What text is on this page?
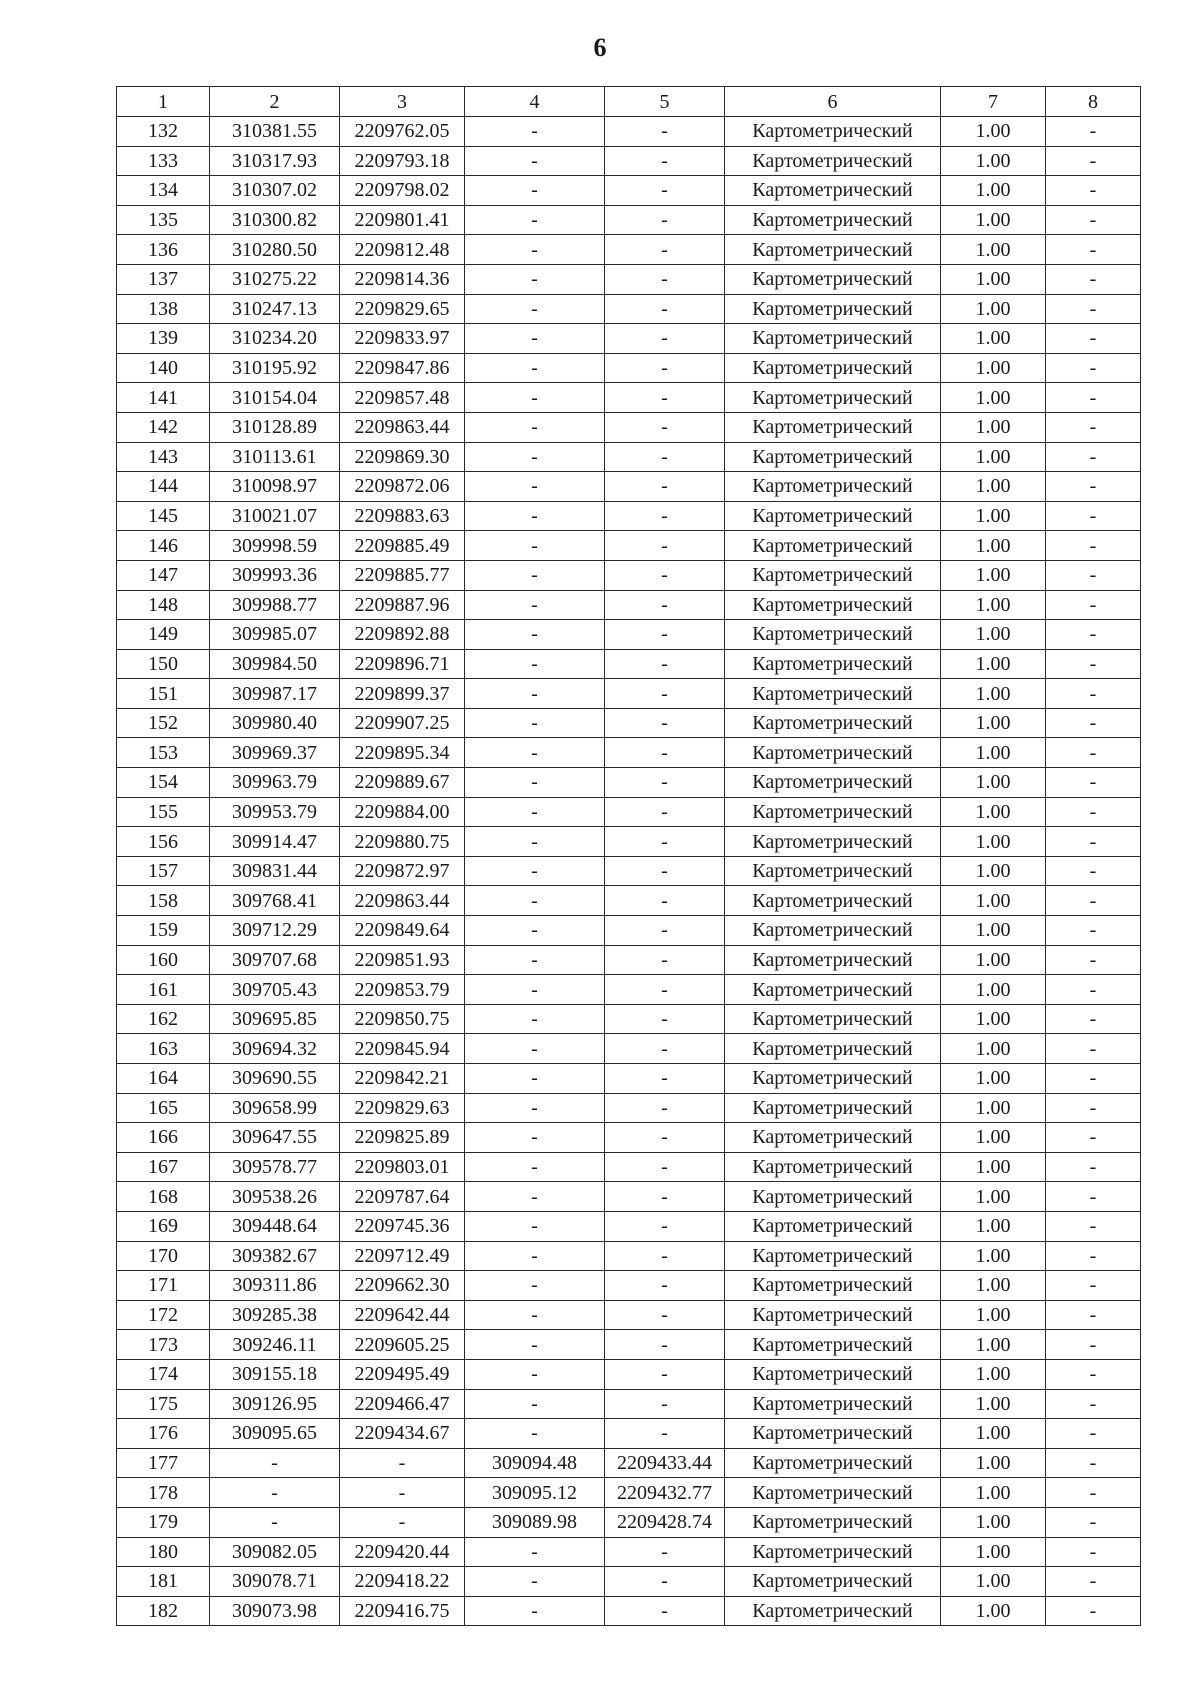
6
1	2	3	4	5	6	7	8
132	310381.55	2209762.05	-	-	Картометрический	1.00	-
133	310317.93	2209793.18	-	-	Картометрический	1.00	-
134	310307.02	2209798.02	-	-	Картометрический	1.00	-
135	310300.82	2209801.41	-	-	Картометрический	1.00	-
136	310280.50	2209812.48	-	-	Картометрический	1.00	-
137	310275.22	2209814.36	-	-	Картометрический	1.00	-
138	310247.13	2209829.65	-	-	Картометрический	1.00	-
139	310234.20	2209833.97	-	-	Картометрический	1.00	-
140	310195.92	2209847.86	-	-	Картометрический	1.00	-
141	310154.04	2209857.48	-	-	Картометрический	1.00	-
142	310128.89	2209863.44	-	-	Картометрический	1.00	-
143	310113.61	2209869.30	-	-	Картометрический	1.00	-
144	310098.97	2209872.06	-	-	Картометрический	1.00	-
145	310021.07	2209883.63	-	-	Картометрический	1.00	-
146	309998.59	2209885.49	-	-	Картометрический	1.00	-
147	309993.36	2209885.77	-	-	Картометрический	1.00	-
148	309988.77	2209887.96	-	-	Картометрический	1.00	-
149	309985.07	2209892.88	-	-	Картометрический	1.00	-
150	309984.50	2209896.71	-	-	Картометрический	1.00	-
151	309987.17	2209899.37	-	-	Картометрический	1.00	-
152	309980.40	2209907.25	-	-	Картометрический	1.00	-
153	309969.37	2209895.34	-	-	Картометрический	1.00	-
154	309963.79	2209889.67	-	-	Картометрический	1.00	-
155	309953.79	2209884.00	-	-	Картометрический	1.00	-
156	309914.47	2209880.75	-	-	Картометрический	1.00	-
157	309831.44	2209872.97	-	-	Картометрический	1.00	-
158	309768.41	2209863.44	-	-	Картометрический	1.00	-
159	309712.29	2209849.64	-	-	Картометрический	1.00	-
160	309707.68	2209851.93	-	-	Картометрический	1.00	-
161	309705.43	2209853.79	-	-	Картометрический	1.00	-
162	309695.85	2209850.75	-	-	Картометрический	1.00	-
163	309694.32	2209845.94	-	-	Картометрический	1.00	-
164	309690.55	2209842.21	-	-	Картометрический	1.00	-
165	309658.99	2209829.63	-	-	Картометрический	1.00	-
166	309647.55	2209825.89	-	-	Картометрический	1.00	-
167	309578.77	2209803.01	-	-	Картометрический	1.00	-
168	309538.26	2209787.64	-	-	Картометрический	1.00	-
169	309448.64	2209745.36	-	-	Картометрический	1.00	-
170	309382.67	2209712.49	-	-	Картометрический	1.00	-
171	309311.86	2209662.30	-	-	Картометрический	1.00	-
172	309285.38	2209642.44	-	-	Картометрический	1.00	-
173	309246.11	2209605.25	-	-	Картометрический	1.00	-
174	309155.18	2209495.49	-	-	Картометрический	1.00	-
175	309126.95	2209466.47	-	-	Картометрический	1.00	-
176	309095.65	2209434.67	-	-	Картометрический	1.00	-
177	-	-	309094.48	2209433.44	Картометрический	1.00	-
178	-	-	309095.12	2209432.77	Картометрический	1.00	-
179	-	-	309089.98	2209428.74	Картометрический	1.00	-
180	309082.05	2209420.44	-	-	Картометрический	1.00	-
181	309078.71	2209418.22	-	-	Картометрический	1.00	-
182	309073.98	2209416.75	-	-	Картометрический	1.00	-
